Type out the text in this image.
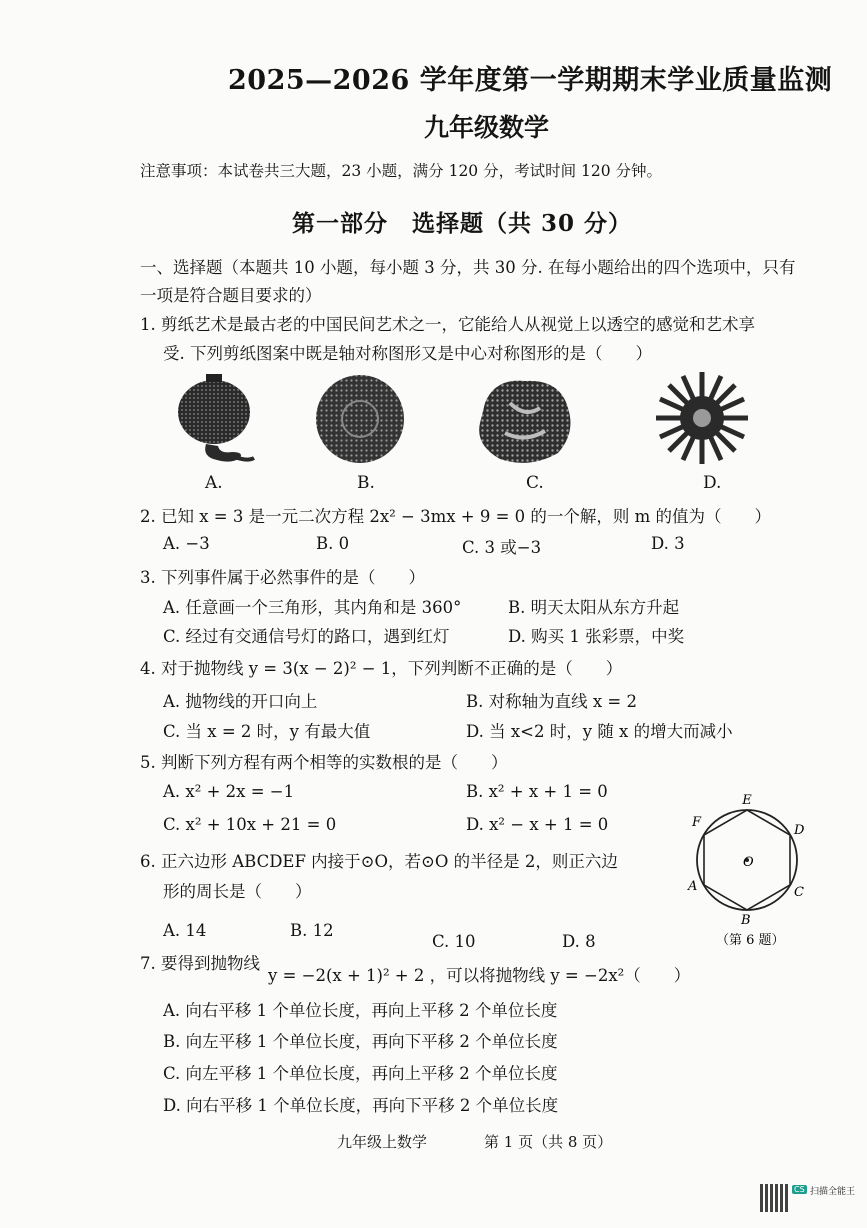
2025—2026 学年度第一学期期末学业质量监测
九年级数学
注意事项：本试卷共三大题，23 小题，满分 120 分，考试时间 120 分钟。
第一部分　选择题（共 30 分）
一、选择题（本题共 10 小题，每小题 3 分，共 30 分. 在每小题给出的四个选项中，只有
一项是符合题目要求的）
1. 剪纸艺术是最古老的中国民间艺术之一，它能给人从视觉上以透空的感觉和艺术享
受. 下列剪纸图案中既是轴对称图形又是中心对称图形的是（　　）
A.	B.	C.	D.
2. 已知 x = 3 是一元二次方程 2x² − 3mx + 9 = 0 的一个解，则 m 的值为（　　）
A. −3	B. 0	C. 3 或−3	D. 3
3. 下列事件属于必然事件的是（　　）
A. 任意画一个三角形，其内角和是 360°	B. 明天太阳从东方升起
C. 经过有交通信号灯的路口，遇到红灯	D. 购买 1 张彩票，中奖
4. 对于抛物线 y = 3(x − 2)² − 1，下列判断不正确的是（　　）
A. 抛物线的开口向上	B. 对称轴为直线 x = 2
C. 当 x = 2 时，y 有最大值	D. 当 x<2 时，y 随 x 的增大而减小
5. 判断下列方程有两个相等的实数根的是（　　）
A. x² + 2x = −1	B. x² + x + 1 = 0
C. x² + 10x + 21 = 0	D. x² − x + 1 = 0
6. 正六边形 ABCDEF 内接于⊙O，若⊙O 的半径是 2，则正六边
形的周长是（　　）
A. 14	B. 12
C. 10	D. 8
E
D
C
B
A
F
O
（第 6 题）
7. 要得到抛物线
y = −2(x + 1)² + 2 ，可以将抛物线 y = −2x²（　　）
A. 向右平移 1 个单位长度，再向上平移 2 个单位长度
B. 向左平移 1 个单位长度，再向下平移 2 个单位长度
C. 向左平移 1 个单位长度，再向上平移 2 个单位长度
D. 向右平移 1 个单位长度，再向下平移 2 个单位长度
九年级上数学	第 1 页（共 8 页）
CS 扫描全能王
